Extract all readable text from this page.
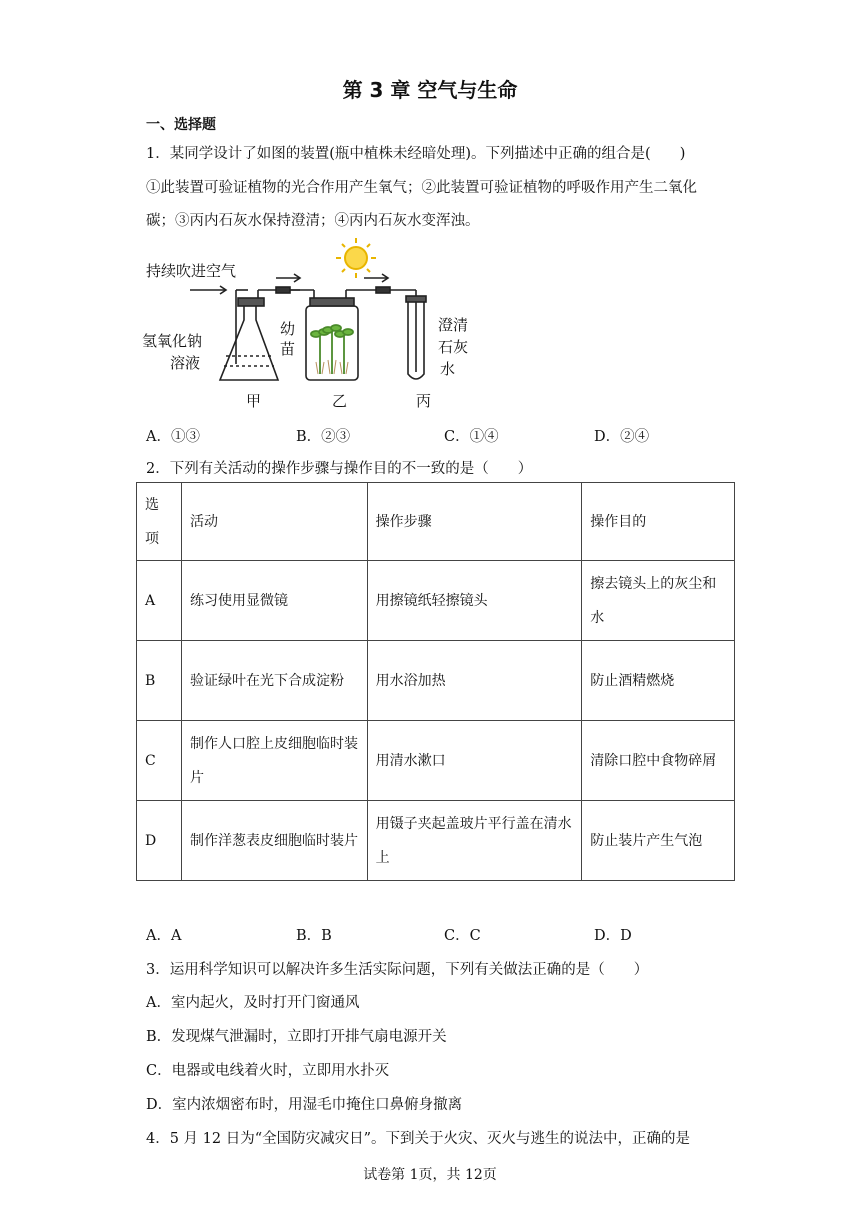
第 3 章 空气与生命
一、选择题
1．某同学设计了如图的装置(瓶中植株未经暗处理)。下列描述中正确的组合是(　　)
①此装置可验证植物的光合作用产生氧气；②此装置可验证植物的呼吸作用产生二氧化
碳；③丙内石灰水保持澄清；④丙内石灰水变浑浊。
持续吹进空气
氢氧化钠
溶液
幼
苗
澄清
石灰
水
甲	乙	丙
A．①③	B．②③	C．①④	D．②④
2．下列有关活动的操作步骤与操作目的不一致的是（　　）
选项	活动	操作步骤	操作目的
A	练习使用显微镜	用擦镜纸轻擦镜头	擦去镜头上的灰尘和水
B	验证绿叶在光下合成淀粉	用水浴加热	防止酒精燃烧
C	制作人口腔上皮细胞临时装片	用清水漱口	清除口腔中食物碎屑
D	制作洋葱表皮细胞临时装片	用镊子夹起盖玻片平行盖在清水上	防止装片产生气泡
A．A	B．B	C．C	D．D
3．运用科学知识可以解决许多生活实际问题，下列有关做法正确的是（　　）
A．室内起火，及时打开门窗通风
B．发现煤气泄漏时，立即打开排气扇电源开关
C．电器或电线着火时，立即用水扑灭
D．室内浓烟密布时，用湿毛巾掩住口鼻俯身撤离
4．5 月 12 日为“全国防灾减灾日”。下到关于火灾、灭火与逃生的说法中，正确的是
试卷第 1页，共 12页
